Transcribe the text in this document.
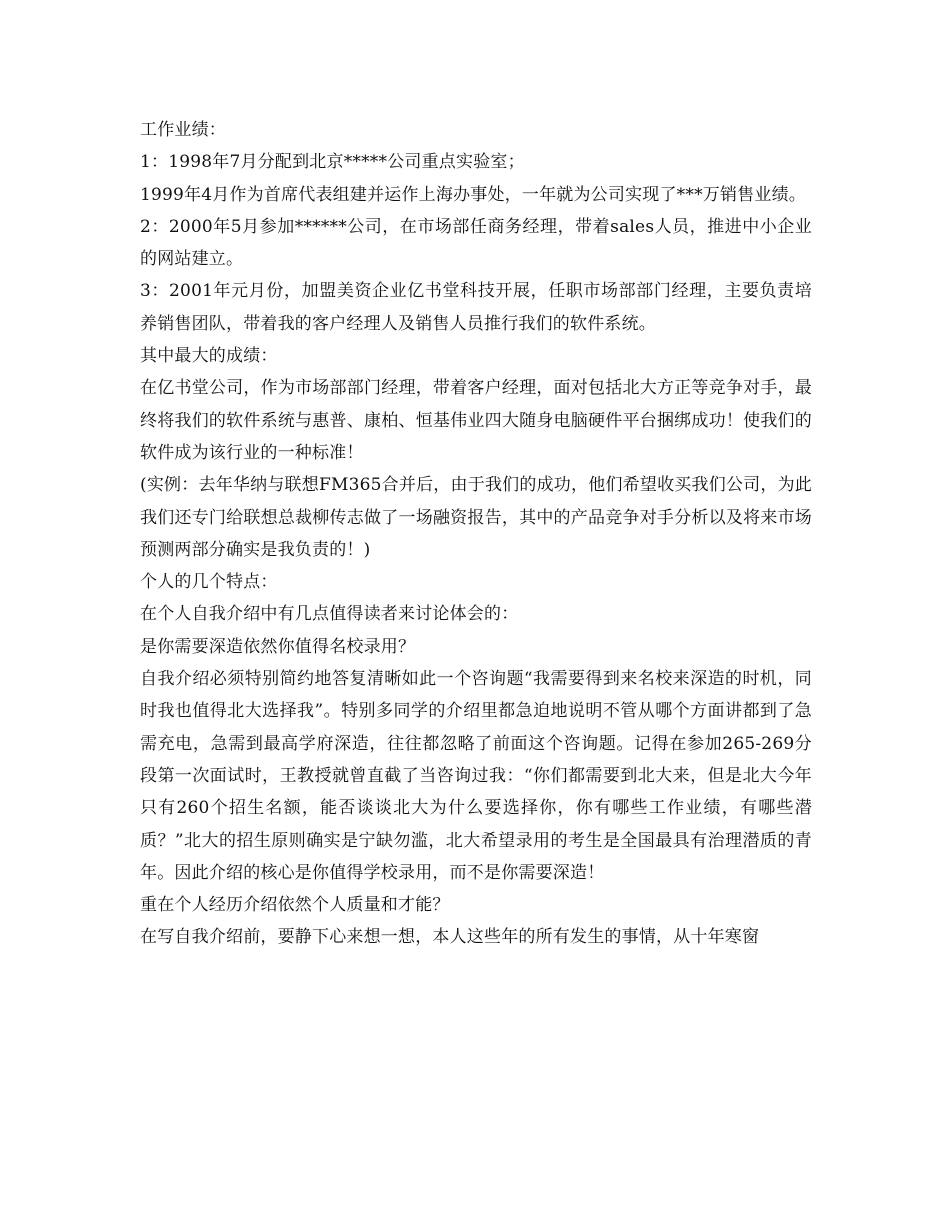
工作业绩：

1：1998年7月分配到北京*****公司重点实验室；

1999年4月作为首席代表组建并运作上海办事处，一年就为公司实现了***万销售业绩。

2：2000年5月参加******公司，在市场部任商务经理，带着sales人员，推进中小企业的网站建立。

3：2001年元月份，加盟美资企业亿书堂科技开展，任职市场部部门经理，主要负责培养销售团队，带着我的客户经理人及销售人员推行我们的软件系统。

其中最大的成绩：

在亿书堂公司，作为市场部部门经理，带着客户经理，面对包括北大方正等竞争对手，最终将我们的软件系统与惠普、康柏、恒基伟业四大随身电脑硬件平台捆绑成功！使我们的软件成为该行业的一种标准！

(实例：去年华纳与联想FM365合并后，由于我们的成功，他们希望收买我们公司，为此我们还专门给联想总裁柳传志做了一场融资报告，其中的产品竞争对手分析以及将来市场预测两部分确实是我负责的！)

个人的几个特点：

在个人自我介绍中有几点值得读者来讨论体会的：

是你需要深造依然你值得名校录用？

自我介绍必须特别简约地答复清晰如此一个咨询题“我需要得到来名校来深造的时机，同时我也值得北大选择我”。特别多同学的介绍里都急迫地说明不管从哪个方面讲都到了急需充电，急需到最高学府深造，往往都忽略了前面这个咨询题。记得在参加265-269分段第一次面试时，王教授就曾直截了当咨询过我：“你们都需要到北大来，但是北大今年只有260个招生名额，能否谈谈北大为什么要选择你，你有哪些工作业绩，有哪些潜质？”北大的招生原则确实是宁缺勿滥，北大希望录用的考生是全国最具有治理潜质的青年。因此介绍的核心是你值得学校录用，而不是你需要深造！

重在个人经历介绍依然个人质量和才能？

在写自我介绍前，要静下心来想一想，本人这些年的所有发生的事情，从十年寒窗
